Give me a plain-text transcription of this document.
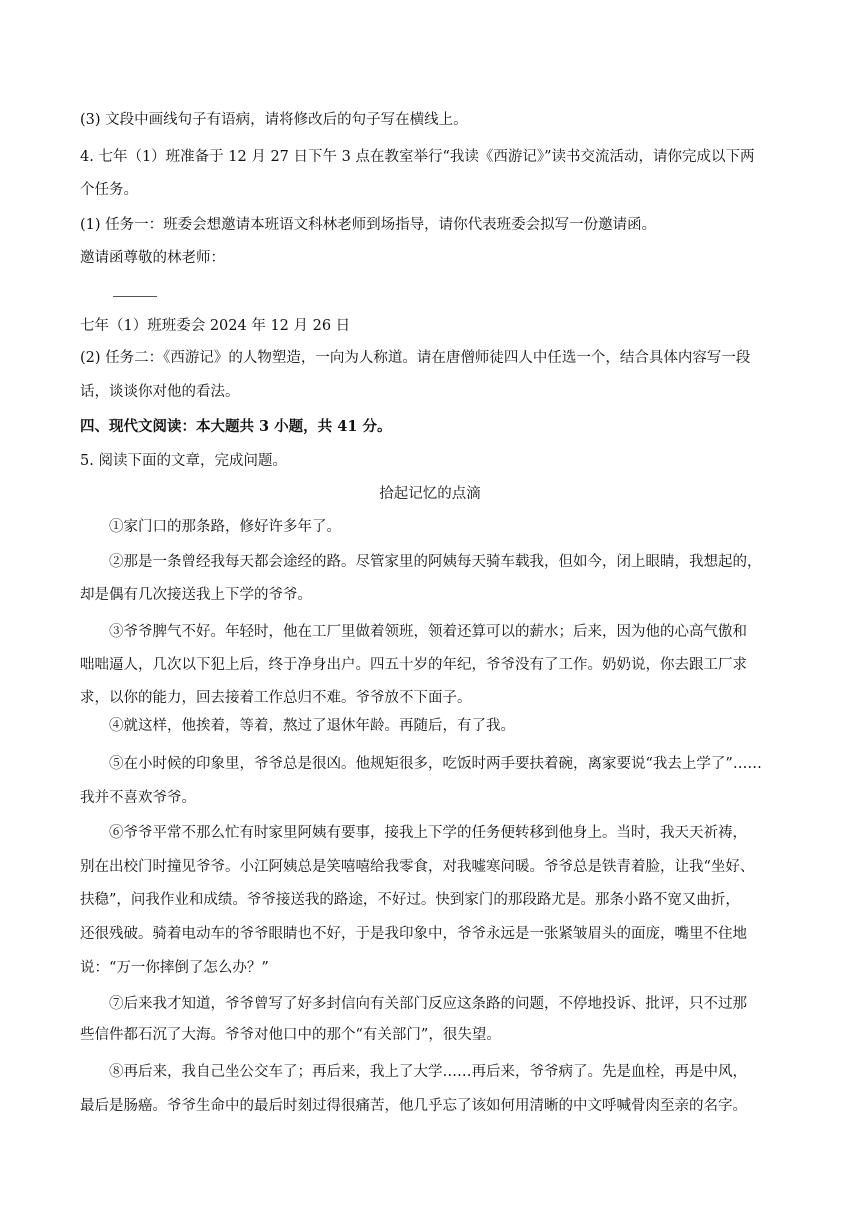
(3) 文段中画线句子有语病，请将修改后的句子写在横线上。
4. 七年（1）班准备于 12 月 27 日下午 3 点在教室举行“我读《西游记》”读书交流活动，请你完成以下两
个任务。
(1) 任务一：班委会想邀请本班语文科林老师到场指导，请你代表班委会拟写一份邀请函。
邀请函尊敬的林老师：
七年（1）班班委会 2024 年 12 月 26 日
(2) 任务二：《西游记》的人物塑造，一向为人称道。请在唐僧师徒四人中任选一个，结合具体内容写一段
话，谈谈你对他的看法。
四、现代文阅读：本大题共 3 小题，共 41 分。
5. 阅读下面的文章，完成问题。
拾起记忆的点滴
①家门口的那条路，修好许多年了。
②那是一条曾经我每天都会途经的路。尽管家里的阿姨每天骑车载我，但如今，闭上眼睛，我想起的，
却是偶有几次接送我上下学的爷爷。
③爷爷脾气不好。年轻时，他在工厂里做着领班，领着还算可以的薪水；后来，因为他的心高气傲和
咄咄逼人，几次以下犯上后，终于净身出户。四五十岁的年纪，爷爷没有了工作。奶奶说，你去跟工厂求
求，以你的能力，回去接着工作总归不难。爷爷放不下面子。
④就这样，他挨着，等着，熬过了退休年龄。再随后，有了我。
⑤在小时候的印象里，爷爷总是很凶。他规矩很多，吃饭时两手要扶着碗，离家要说“我去上学了”……
我并不喜欢爷爷。
⑥爷爷平常不那么忙有时家里阿姨有要事，接我上下学的任务便转移到他身上。当时，我天天祈祷，
别在出校门时撞见爷爷。小江阿姨总是笑嘻嘻给我零食，对我嘘寒问暖。爷爷总是铁青着脸，让我“坐好、
扶稳”，问我作业和成绩。爷爷接送我的路途，不好过。快到家门的那段路尤是。那条小路不宽又曲折，
还很残破。骑着电动车的爷爷眼睛也不好，于是我印象中，爷爷永远是一张紧皱眉头的面庞，嘴里不住地
说：“万一你摔倒了怎么办？”
⑦后来我才知道，爷爷曾写了好多封信向有关部门反应这条路的问题，不停地投诉、批评，只不过那
些信件都石沉了大海。爷爷对他口中的那个“有关部门”，很失望。
⑧再后来，我自己坐公交车了；再后来，我上了大学……再后来，爷爷病了。先是血栓，再是中风，
最后是肠癌。爷爷生命中的最后时刻过得很痛苦，他几乎忘了该如何用清晰的中文呼喊骨肉至亲的名字。
